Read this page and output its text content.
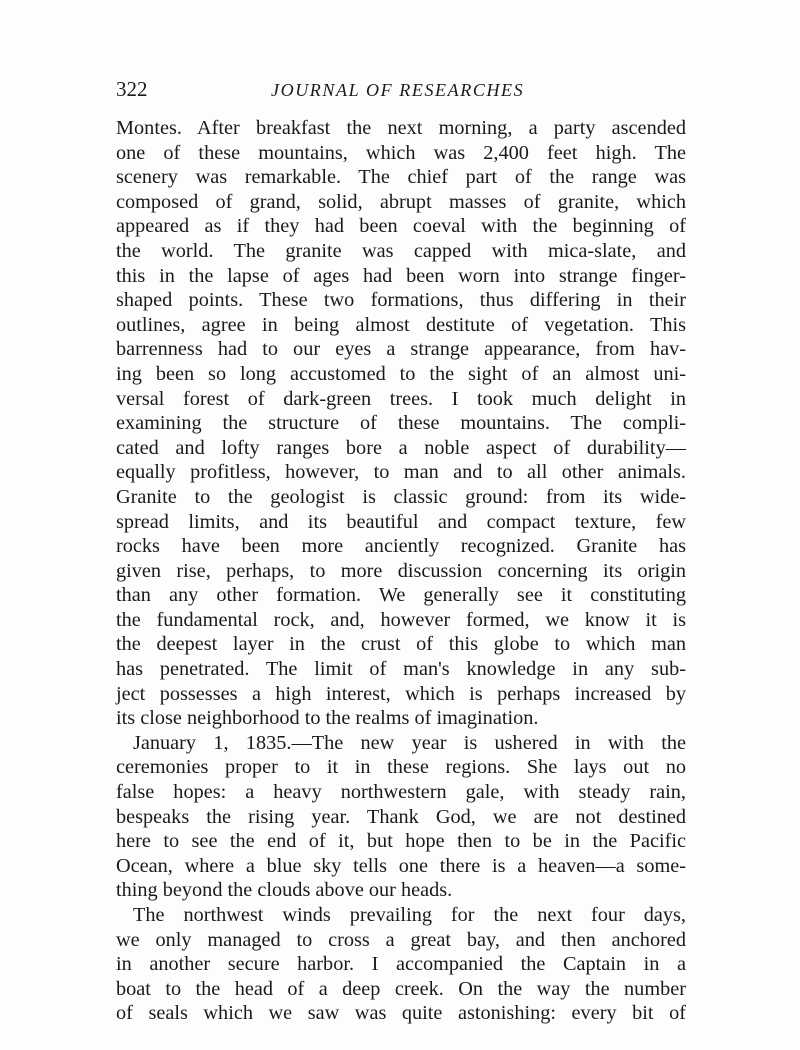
322	JOURNAL OF RESEARCHES
Montes. After breakfast the next morning, a party ascended
one of these mountains, which was 2,400 feet high. The
scenery was remarkable. The chief part of the range was
composed of grand, solid, abrupt masses of granite, which
appeared as if they had been coeval with the beginning of
the world. The granite was capped with mica-slate, and
this in the lapse of ages had been worn into strange finger-
shaped points. These two formations, thus differing in their
outlines, agree in being almost destitute of vegetation. This
barrenness had to our eyes a strange appearance, from hav-
ing been so long accustomed to the sight of an almost uni-
versal forest of dark-green trees. I took much delight in
examining the structure of these mountains. The compli-
cated and lofty ranges bore a noble aspect of durability—
equally profitless, however, to man and to all other animals.
Granite to the geologist is classic ground: from its wide-
spread limits, and its beautiful and compact texture, few
rocks have been more anciently recognized. Granite has
given rise, perhaps, to more discussion concerning its origin
than any other formation. We generally see it constituting
the fundamental rock, and, however formed, we know it is
the deepest layer in the crust of this globe to which man
has penetrated. The limit of man's knowledge in any sub-
ject possesses a high interest, which is perhaps increased by
its close neighborhood to the realms of imagination.
January 1, 1835.—The new year is ushered in with the
ceremonies proper to it in these regions. She lays out no
false hopes: a heavy northwestern gale, with steady rain,
bespeaks the rising year. Thank God, we are not destined
here to see the end of it, but hope then to be in the Pacific
Ocean, where a blue sky tells one there is a heaven—a some-
thing beyond the clouds above our heads.
The northwest winds prevailing for the next four days,
we only managed to cross a great bay, and then anchored
in another secure harbor. I accompanied the Captain in a
boat to the head of a deep creek. On the way the number
of seals which we saw was quite astonishing: every bit of
